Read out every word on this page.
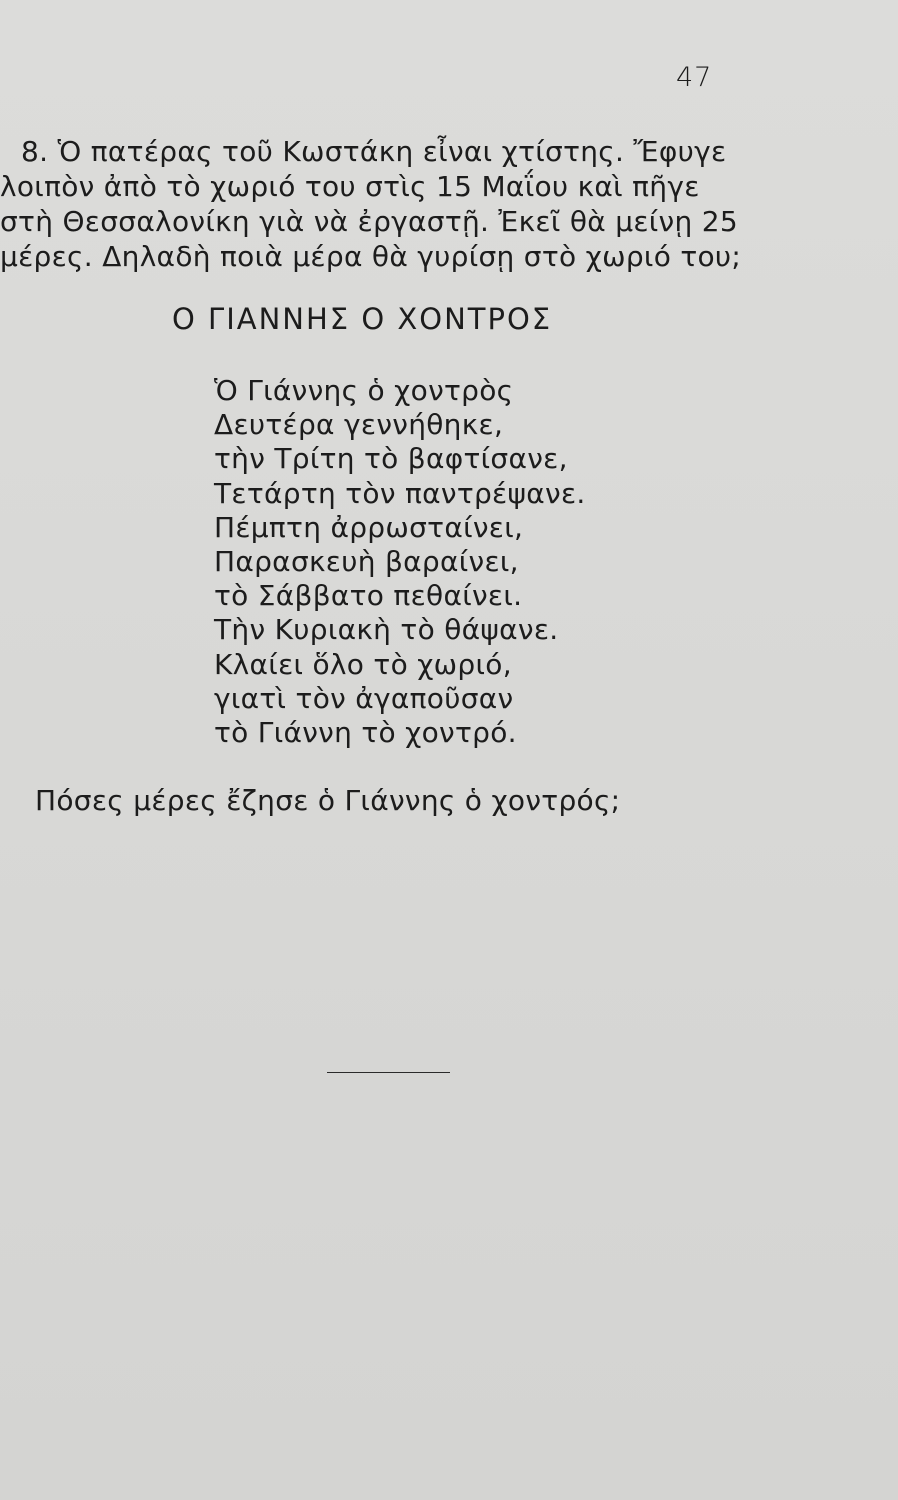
47
8. Ὁ πατέρας τοῦ Κωστάκη εἶναι χτίστης. Ἔφυγε
λοιπὸν ἀπὸ τὸ χωριό του στὶς 15 Μαΐου καὶ πῆγε
στὴ Θεσσαλονίκη γιὰ νὰ ἐργαστῇ. Ἐκεῖ θὰ μείνῃ 25
μέρες. Δηλαδὴ ποιὰ μέρα θὰ γυρίσῃ στὸ χωριό του;
Ο ΓΙΑΝΝΗΣ Ο ΧΟΝΤΡΟΣ
Ὁ Γιάννης ὁ χοντρὸς
Δευτέρα γεννήθηκε,
τὴν Τρίτη τὸ βαφτίσανε,
Τετάρτη τὸν παντρέψανε.
Πέμπτη ἀρρωσταίνει,
Παρασκευὴ βαραίνει,
τὸ Σάββατο πεθαίνει.
Τὴν Κυριακὴ τὸ θάψανε.
Κλαίει ὅλο τὸ χωριό,
γιατὶ τὸν ἀγαποῦσαν
τὸ Γιάννη τὸ χοντρό.
Πόσες μέρες ἔζησε ὁ Γιάννης ὁ χοντρός;
